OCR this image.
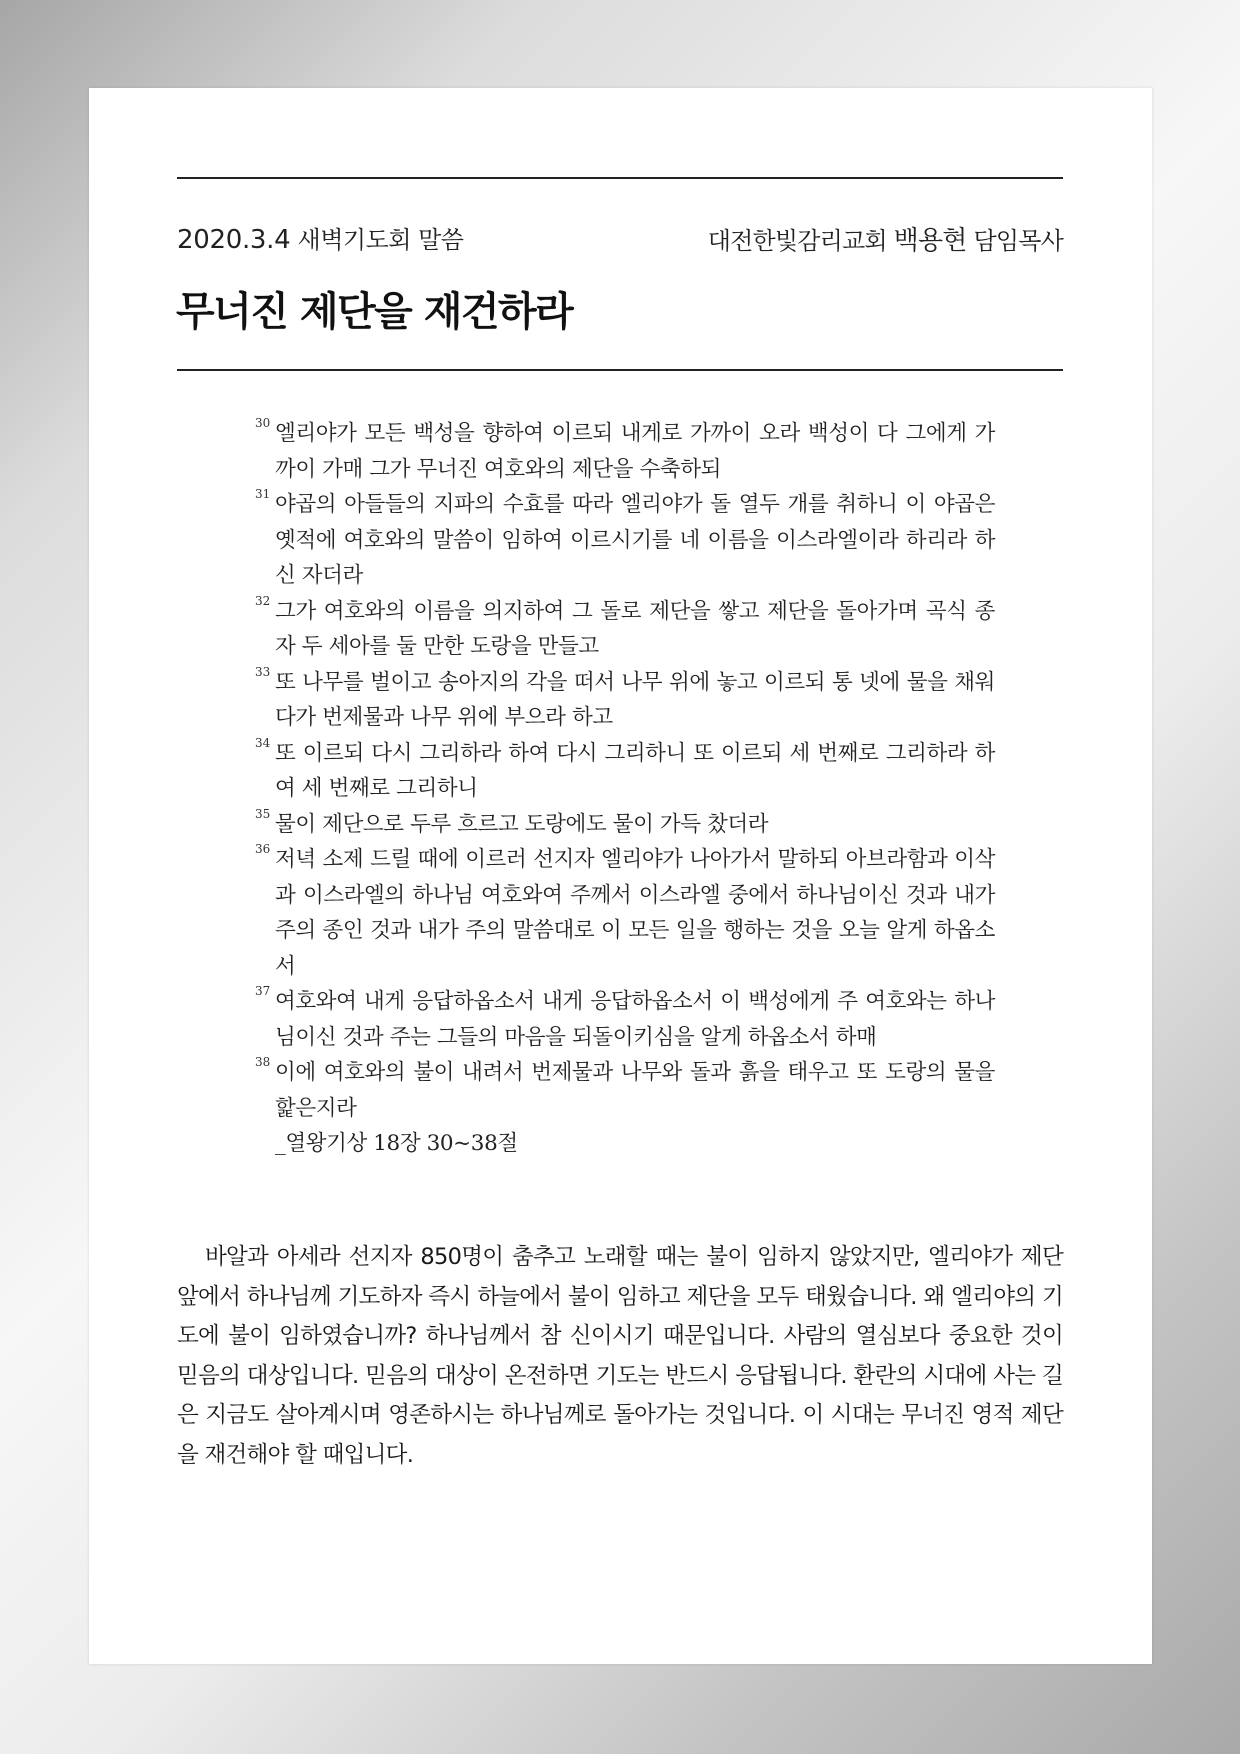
2020.3.4 새벽기도회 말씀	대전한빛감리교회 백용현 담임목사
무너진 제단을 재건하라
30 엘리야가 모든 백성을 향하여 이르되 내게로 가까이 오라 백성이 다 그에게 가까이 가매 그가 무너진 여호와의 제단을 수축하되
31 야곱의 아들들의 지파의 수효를 따라 엘리야가 돌 열두 개를 취하니 이 야곱은 옛적에 여호와의 말씀이 임하여 이르시기를 네 이름을 이스라엘이라 하리라 하신 자더라
32 그가 여호와의 이름을 의지하여 그 돌로 제단을 쌓고 제단을 돌아가며 곡식 종자 두 세아를 둘 만한 도랑을 만들고
33 또 나무를 벌이고 송아지의 각을 떠서 나무 위에 놓고 이르되 통 넷에 물을 채워다가 번제물과 나무 위에 부으라 하고
34 또 이르되 다시 그리하라 하여 다시 그리하니 또 이르되 세 번째로 그리하라 하여 세 번째로 그리하니
35 물이 제단으로 두루 흐르고 도랑에도 물이 가득 찼더라
36 저녁 소제 드릴 때에 이르러 선지자 엘리야가 나아가서 말하되 아브라함과 이삭과 이스라엘의 하나님 여호와여 주께서 이스라엘 중에서 하나님이신 것과 내가 주의 종인 것과 내가 주의 말씀대로 이 모든 일을 행하는 것을 오늘 알게 하옵소서
37 여호와여 내게 응답하옵소서 내게 응답하옵소서 이 백성에게 주 여호와는 하나님이신 것과 주는 그들의 마음을 되돌이키심을 알게 하옵소서 하매
38 이에 여호와의 불이 내려서 번제물과 나무와 돌과 흙을 태우고 또 도랑의 물을 핥은지라
_열왕기상 18장 30~38절

바알과 아세라 선지자 850명이 춤추고 노래할 때는 불이 임하지 않았지만, 엘리야가 제단 앞에서 하나님께 기도하자 즉시 하늘에서 불이 임하고 제단을 모두 태웠습니다. 왜 엘리야의 기도에 불이 임하였습니까? 하나님께서 참 신이시기 때문입니다. 사람의 열심보다 중요한 것이 믿음의 대상입니다. 믿음의 대상이 온전하면 기도는 반드시 응답됩니다. 환란의 시대에 사는 길은 지금도 살아계시며 영존하시는 하나님께로 돌아가는 것입니다. 이 시대는 무너진 영적 제단을 재건해야 할 때입니다.
